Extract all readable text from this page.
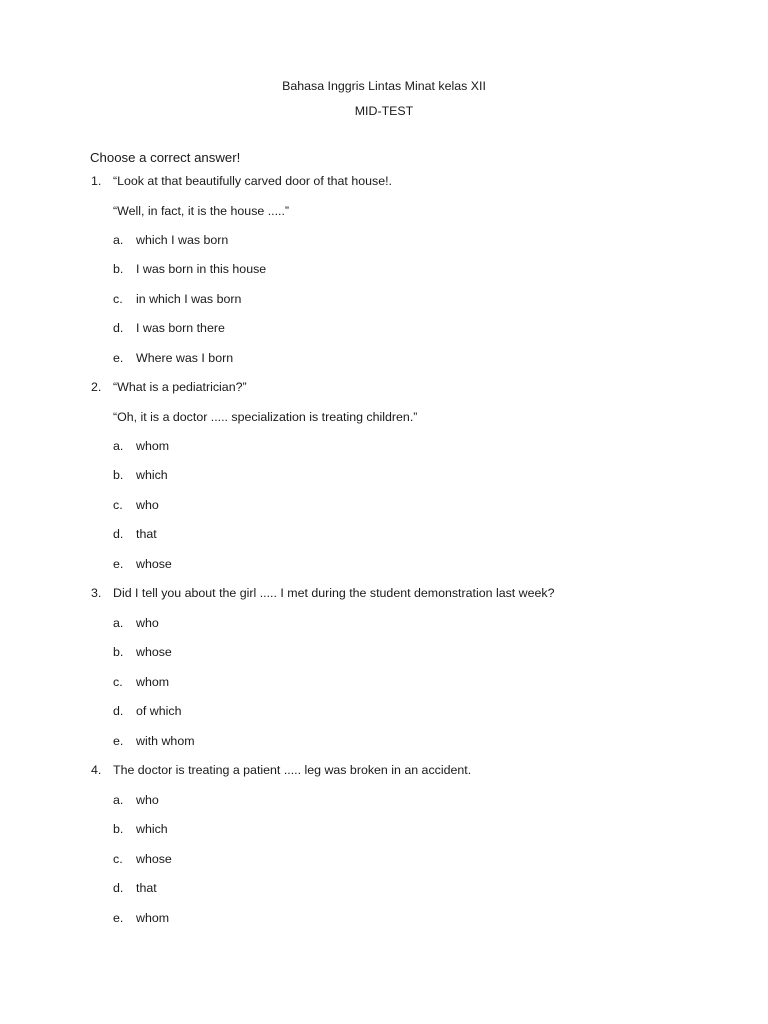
Bahasa Inggris Lintas Minat kelas XII
MID-TEST
Choose a correct answer!
1. “Look at that beautifully carved door of that house!.
“Well, in fact, it is the house .....”
a. which I was born
b. I was born in this house
c. in which I was born
d. I was born there
e. Where was I born
2. “What is a pediatrician?”
“Oh, it is a doctor ..... specialization is treating children.”
a. whom
b. which
c. who
d. that
e. whose
3. Did I tell you about the girl ..... I met during the student demonstration last week?
a. who
b. whose
c. whom
d. of which
e. with whom
4. The doctor is treating a patient ..... leg was broken in an accident.
a. who
b. which
c. whose
d. that
e. whom
